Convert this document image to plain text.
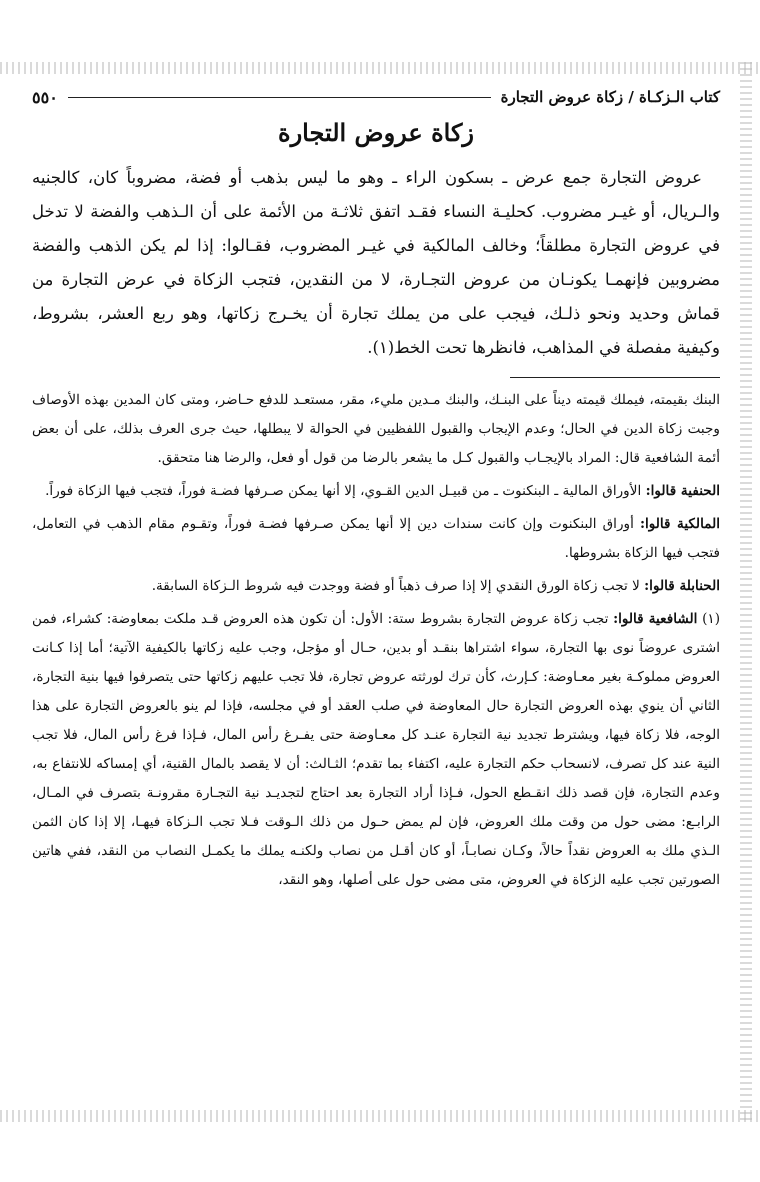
كتاب الـزكـاة / زكاة عروض التجارة
٥٥٠
زكاة عروض التجارة

عروض التجارة جمع عرض ـ بسكون الراء ـ وهو ما ليس بذهب أو فضة، مضروباً كان، كالجنيه والـريال، أو غيـر مضروب. كحليـة النساء فقـد اتفق ثلاثـة من الأئمة على أن الـذهب والفضة لا تدخل في عروض التجارة مطلقاً؛ وخالف المالكية في غيـر المضروب، فقـالوا: إذا لم يكن الذهب والفضة مضروبين فإنهمـا يكونـان من عروض التجـارة، لا من النقدين، فتجب الزكاة في عرض التجارة من قماش وحديد ونحو ذلـك، فيجب على من يملك تجارة أن يخـرج زكاتها، وهو ربع العشر، بشروط، وكيفية مفصلة في المذاهب، فانظرها تحت الخط(١).

البنك بقيمته، فيملك قيمته ديناً على البنـك، والبنك مـدين مليء، مقر، مستعـد للدفع حـاضر، ومتى كان المدين بهذه الأوصاف وجبت زكاة الدين في الحال؛ وعدم الإيجاب والقبول اللفظيين في الحوالة لا يبطلها، حيث جرى العرف بذلك، على أن بعض أئمة الشافعية قال: المراد بالإيجـاب والقبول كـل ما يشعر بالرضا من قول أو فعل، والرضا هنا متحقق.

الحنفية قالوا: الأوراق المالية ـ البنكنوت ـ من قبيـل الدين القـوي، إلا أنها يمكن صـرفها فضـة فوراً، فتجب فيها الزكاة فوراً.

المالكية قالوا: أوراق البنكنوت وإن كانت سندات دين إلا أنها يمكن صـرفها فضـة فوراً، وتقـوم مقام الذهب في التعامل، فتجب فيها الزكاة بشروطها.

الحنابلة قالوا: لا تجب زكاة الورق النقدي إلا إذا صرف ذهباً أو فضة ووجدت فيه شروط الـزكاة السابقة.

(١) الشافعية قالوا: تجب زكاة عروض التجارة بشروط ستة: الأول: أن تكون هذه العروض قـد ملكت بمعاوضة: كشراء، فمن اشترى عروضاً نوى بها التجارة، سواء اشتراها بنقـد أو بدين، حـال أو مؤجل، وجب عليه زكاتها بالكيفية الآتية؛ أما إذا كـانت العروض مملوكـة بغير معـاوضة: كـإرث، كأن ترك لورثته عروض تجارة، فلا تجب عليهم زكاتها حتى يتصرفوا فيها بنية التجارة، الثاني أن ينوي بهذه العروض التجارة حال المعاوضة في صلب العقد أو في مجلسه، فإذا لم ينو بالعروض التجارة على هذا الوجه، فلا زكاة فيها، ويشترط تجديد نية التجارة عنـد كل معـاوضة حتى يفـرغ رأس المال، فـإذا فرغ رأس المال، فلا تجب النية عند كل تصرف، لانسحاب حكم التجارة عليه، اكتفاء بما تقدم؛ الثـالث: أن لا يقصد بالمال القنية، أي إمساكه للانتفاع به، وعدم التجارة، فإن قصد ذلك انقـطع الحول، فـإذا أراد التجارة بعد احتاج لتجديـد نية التجـارة مقرونـة بتصرف في المـال، الرابـع: مضى حول من وقت ملك العروض، فإن لم يمض حـول من ذلك الـوقت فـلا تجب الـزكاة فيهـا، إلا إذا كان الثمن الـذي ملك به العروض نقداً حالاً، وكـان نصابـاً، أو كان أقـل من نصاب ولكنـه يملك ما يكمـل النصاب من النقد، ففي هاتين الصورتين تجب عليه الزكاة في العروض، متى مضى حول على أصلها، وهو النقد،
